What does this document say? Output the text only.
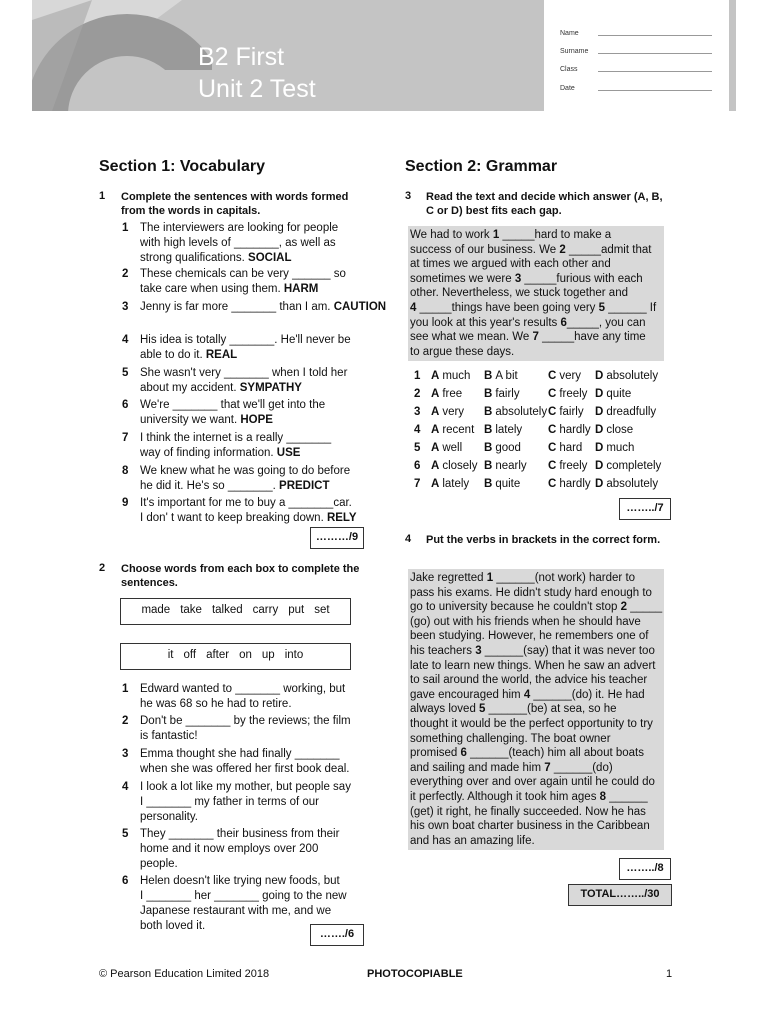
B2 First
Unit 2 Test
Name
Surname
Class
Date
Section 1: Vocabulary
1 Complete the sentences with words formed from the words in capitals.
1 The interviewers are looking for people
with high levels of _______, as well as
strong qualifications. SOCIAL
2 These chemicals can be very ______ so
take care when using them. HARM
3 Jenny is far more _______ than I am. CAUTION
4 His idea is totally _______. He'll never be
able to do it. REAL
5 She wasn't very _______ when I told her
about my accident. SYMPATHY
6 We're _______ that we'll get into the
university we want. HOPE
7 I think the internet is a really _______
way of finding information. USE
8 We knew what he was going to do before
he did it. He's so _______. PREDICT
9 It's important for me to buy a _______car.
I don' t want to keep breaking down. RELY
………/9
2 Choose words from each box to complete the sentences.
made take talked carry put set
it off after on up into
1 Edward wanted to _______ working, but
he was 68 so he had to retire.
2 Don't be _______ by the reviews; the film
is fantastic!
3 Emma thought she had finally _______
when she was offered her first book deal.
4 I look a lot like my mother, but people say
I _______ my father in terms of our
personality.
5 They _______ their business from their
home and it now employs over 200
people.
6 Helen doesn't like trying new foods, but
I _______ her _______ going to the new
Japanese restaurant with me, and we
both loved it.
……./6
Section 2: Grammar
3 Read the text and decide which answer (A, B, C or D) best fits each gap.
We had to work 1 _____hard to make a
success of our business. We 2 _____admit that
at times we argued with each other and
sometimes we were 3 _____furious with each
other. Nevertheless, we stuck together and
4 _____things have been going very 5 ______ If
you look at this year's results 6_____, you can
see what we mean. We 7 _____have any time
to argue these days.
1 A much B A bit	C very D absolutely
2 A free B fairly C freely D quite
3 A very B absolutely C fairly D dreadfully
4 A recent B lately C hardly D close
5 A well B good C hard D much
6 A closely B nearly C freely D completely
7 A lately B quite C hardly D absolutely
……../7
4 Put the verbs in brackets in the correct form.
Jake regretted 1 ______(not work) harder to
pass his exams. He didn't study hard enough to
go to university because he couldn't stop 2 _____
(go) out with his friends when he should have
been studying. However, he remembers one of
his teachers 3 ______(say) that it was never too
late to learn new things. When he saw an advert
to sail around the world, the advice his teacher
gave encouraged him 4 ______(do) it. He had
always loved 5 ______(be) at sea, so he
thought it would be the perfect opportunity to try
something challenging. The boat owner
promised 6 ______(teach) him all about boats
and sailing and made him 7 ______(do)
everything over and over again until he could do
it perfectly. Although it took him ages 8 ______
(get) it right, he finally succeeded. Now he has
his own boat charter business in the Caribbean
and has an amazing life.
……../8
TOTAL……../30
© Pearson Education Limited 2018	PHOTOCOPIABLE	1
